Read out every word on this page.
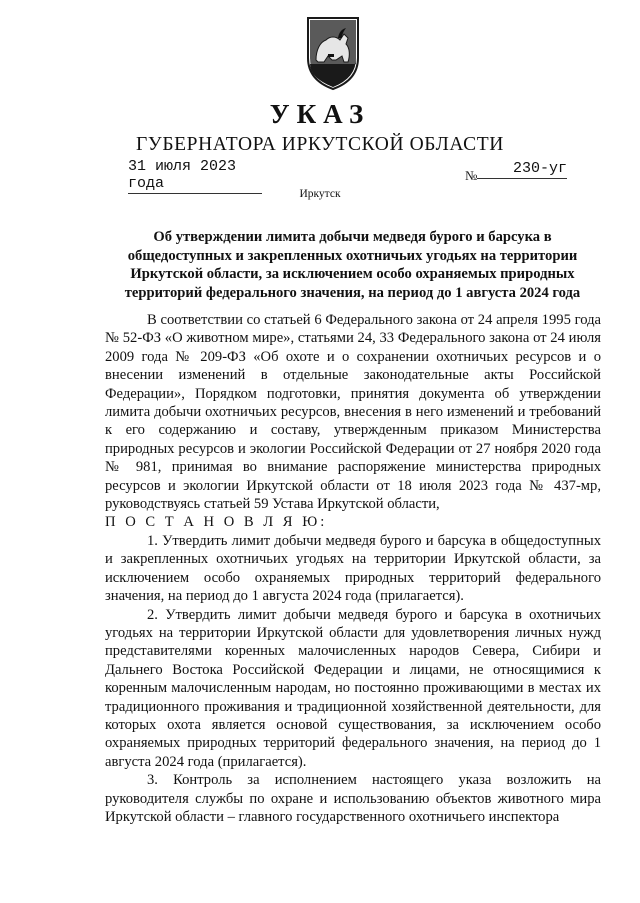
УКАЗ
ГУБЕРНАТОРА ИРКУТСКОЙ ОБЛАСТИ
31 июля 2023 года	№	230-уг
Иркутск
Об утверждении лимита добычи медведя бурого и барсука в общедоступных и закрепленных охотничьих угодьях на территории Иркутской области, за исключением особо охраняемых природных территорий федерального значения, на период до 1 августа 2024 года

В соответствии со статьей 6 Федерального закона от 24 апреля 1995 года № 52-ФЗ «О животном мире», статьями 24, 33 Федерального закона от 24 июля 2009 года № 209-ФЗ «Об охоте и о сохранении охотничьих ресурсов и о внесении изменений в отдельные законодательные акты Российской Федерации», Порядком подготовки, принятия документа об утверждении лимита добычи охотничьих ресурсов, внесения в него изменений и требований к его содержанию и составу, утвержденным приказом Министерства природных ресурсов и экологии Российской Федерации от 27 ноября 2020 года № 981, принимая во внимание распоряжение министерства природных ресурсов и экологии Иркутской области от 18 июля 2023 года № 437-мр, руководствуясь статьей 59 Устава Иркутской области,

П О С Т А Н О В Л Я Ю:

1. Утвердить лимит добычи медведя бурого и барсука в общедоступных и закрепленных охотничьих угодьях на территории Иркутской области, за исключением особо охраняемых природных территорий федерального значения, на период до 1 августа 2024 года (прилагается).

2. Утвердить лимит добычи медведя бурого и барсука в охотничьих угодьях на территории Иркутской области для удовлетворения личных нужд представителями коренных малочисленных народов Севера, Сибири и Дальнего Востока Российской Федерации и лицами, не относящимися к коренным малочисленным народам, но постоянно проживающими в местах их традиционного проживания и традиционной хозяйственной деятельности, для которых охота является основой существования, за исключением особо охраняемых природных территорий федерального значения, на период до 1 августа 2024 года (прилагается).

3. Контроль за исполнением настоящего указа возложить на руководителя службы по охране и использованию объектов животного мира Иркутской области – главного государственного охотничьего инспектора
